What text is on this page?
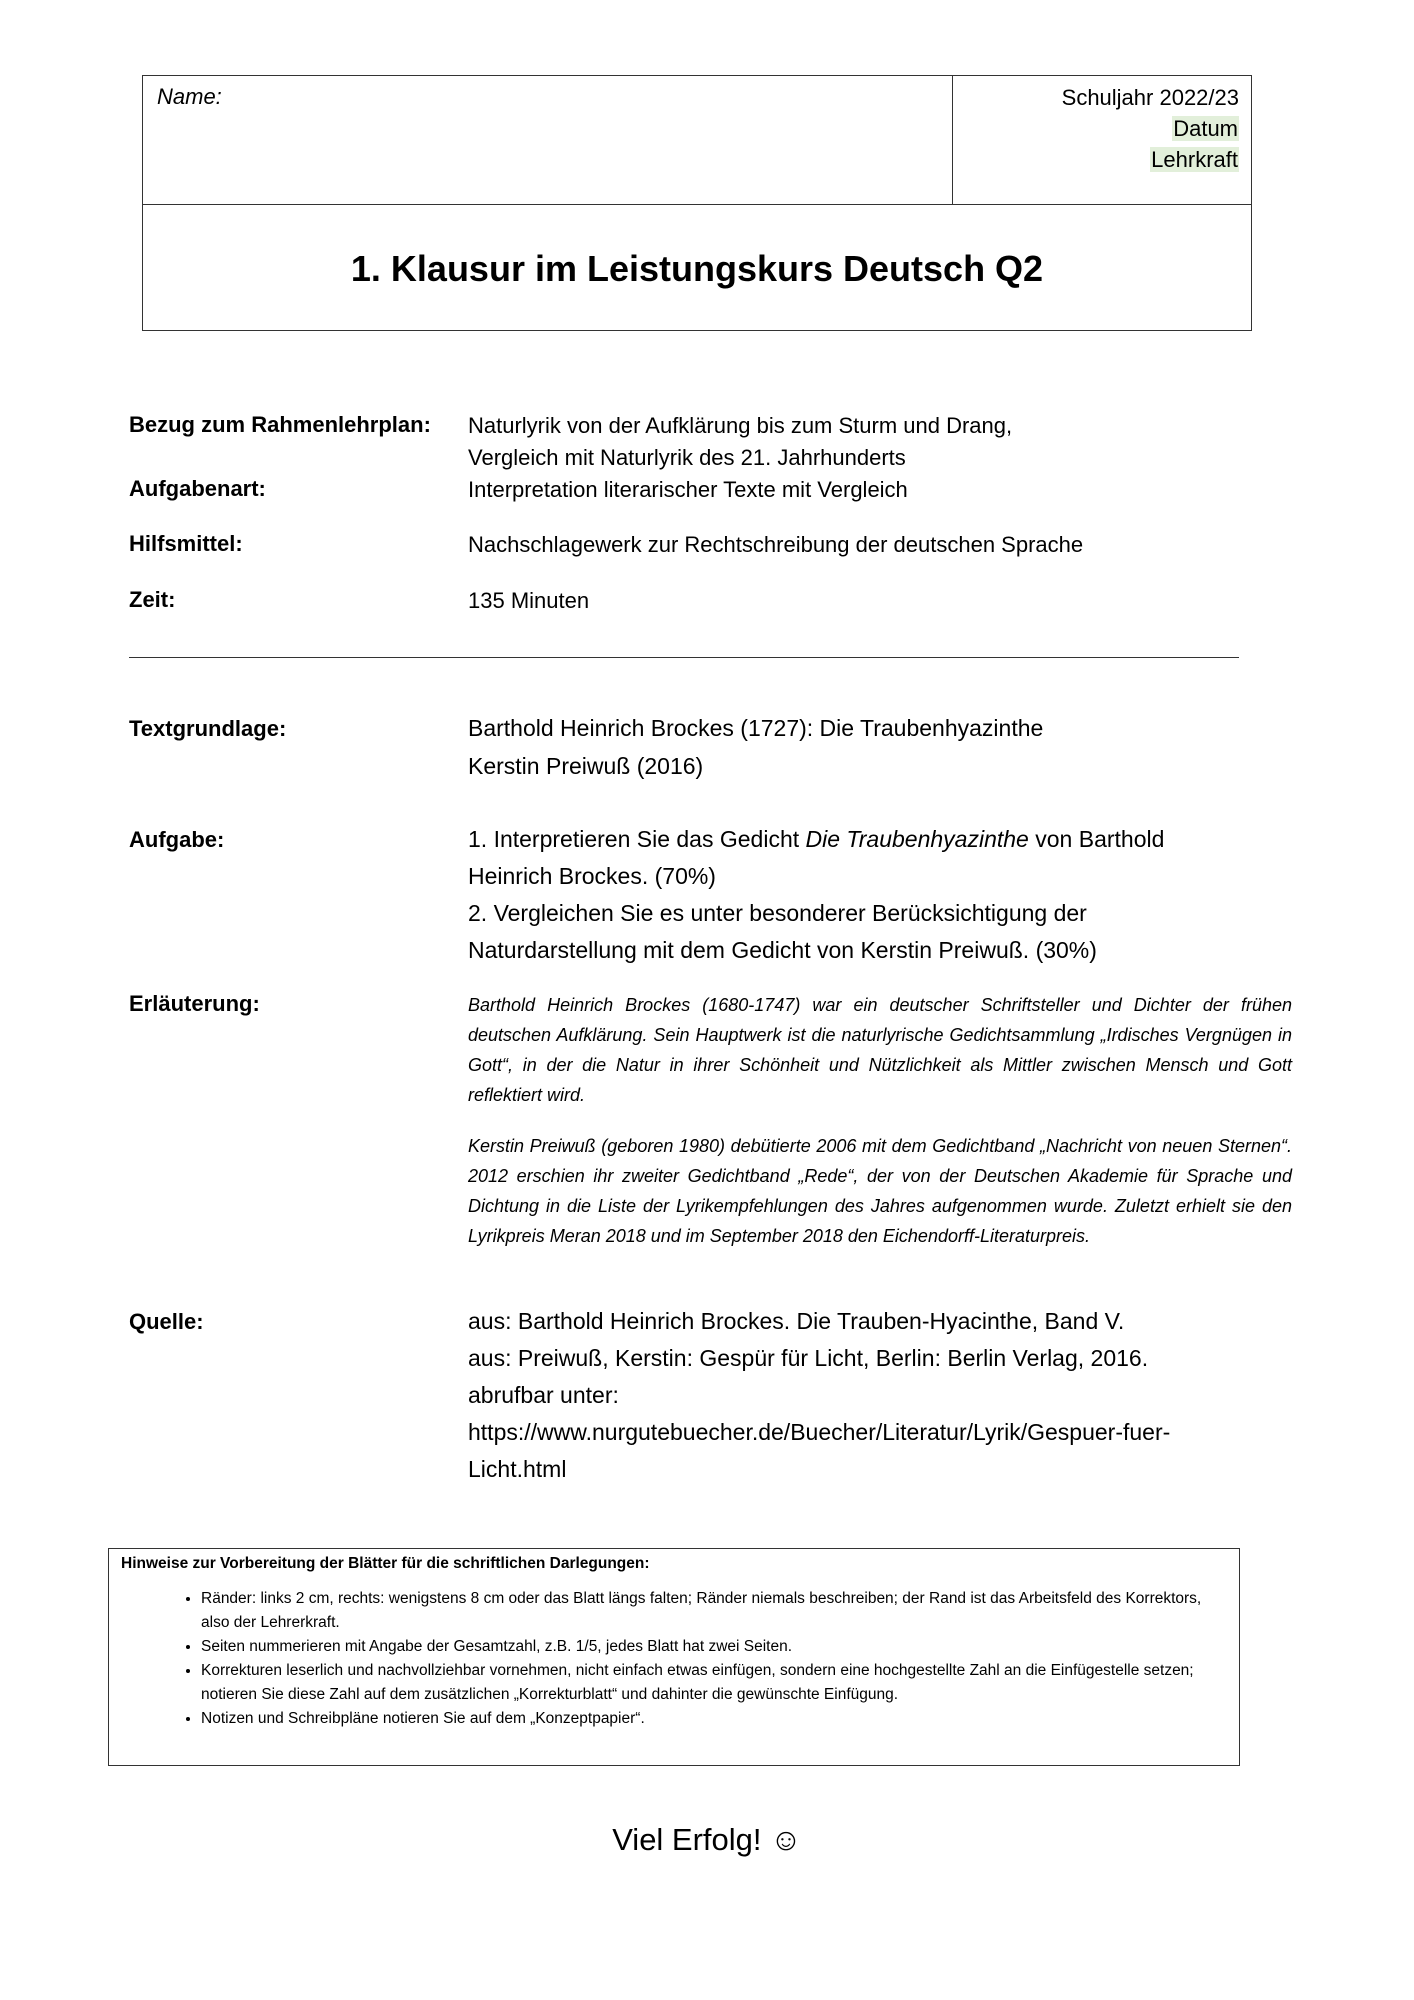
Name:	Schuljahr 2022/23
Datum
Lehrkraft
1. Klausur im Leistungskurs Deutsch Q2
Bezug zum Rahmenlehrplan: Naturlyrik von der Aufklärung bis zum Sturm und Drang,
Vergleich mit Naturlyrik des 21. Jahrhunderts
Aufgabenart:	Interpretation literarischer Texte mit Vergleich
Hilfsmittel:	Nachschlagewerk zur Rechtschreibung der deutschen Sprache
Zeit:	135 Minuten
Textgrundlage:	Barthold Heinrich Brockes (1727): Die Traubenhyazinthe
Kerstin Preiwuß (2016)
Aufgabe:	1. Interpretieren Sie das Gedicht Die Traubenhyazinthe von Barthold
Heinrich Brockes. (70%)
2. Vergleichen Sie es unter besonderer Berücksichtigung der
Naturdarstellung mit dem Gedicht von Kerstin Preiwuß. (30%)
Erläuterung:	Barthold Heinrich Brockes (1680-1747) war ein deutscher Schriftsteller und Dichter der frühen deutschen Aufklärung. Sein Hauptwerk ist die naturlyrische Gedichtsammlung „Irdisches Vergnügen in Gott“, in der die Natur in ihrer Schönheit und Nützlichkeit als Mittler zwischen Mensch und Gott reflektiert wird.
Kerstin Preiwuß (geboren 1980) debütierte 2006 mit dem Gedichtband „Nachricht von neuen Sternen“. 2012 erschien ihr zweiter Gedichtband „Rede“, der von der Deutschen Akademie für Sprache und Dichtung in die Liste der Lyrikempfehlungen des Jahres aufgenommen wurde. Zuletzt erhielt sie den Lyrikpreis Meran 2018 und im September 2018 den Eichendorff-Literaturpreis.
Quelle:	aus: Barthold Heinrich Brockes. Die Trauben-Hyacinthe, Band V.
aus: Preiwuß, Kerstin: Gespür für Licht, Berlin: Berlin Verlag, 2016.
abrufbar unter:
https://www.nurgutebuecher.de/Buecher/Literatur/Lyrik/Gespuer-fuer-
Licht.html
Hinweise zur Vorbereitung der Blätter für die schriftlichen Darlegungen:
• Ränder: links 2 cm, rechts: wenigstens 8 cm oder das Blatt längs falten; Ränder niemals beschreiben; der Rand ist das Arbeitsfeld des Korrektors, also der Lehrerkraft.
• Seiten nummerieren mit Angabe der Gesamtzahl, z.B. 1/5, jedes Blatt hat zwei Seiten.
• Korrekturen leserlich und nachvollziehbar vornehmen, nicht einfach etwas einfügen, sondern eine hochgestellte Zahl an die Einfügestelle setzen; notieren Sie diese Zahl auf dem zusätzlichen „Korrekturblatt“ und dahinter die gewünschte Einfügung.
• Notizen und Schreibpläne notieren Sie auf dem „Konzeptpapier“.
Viel Erfolg! ☺
